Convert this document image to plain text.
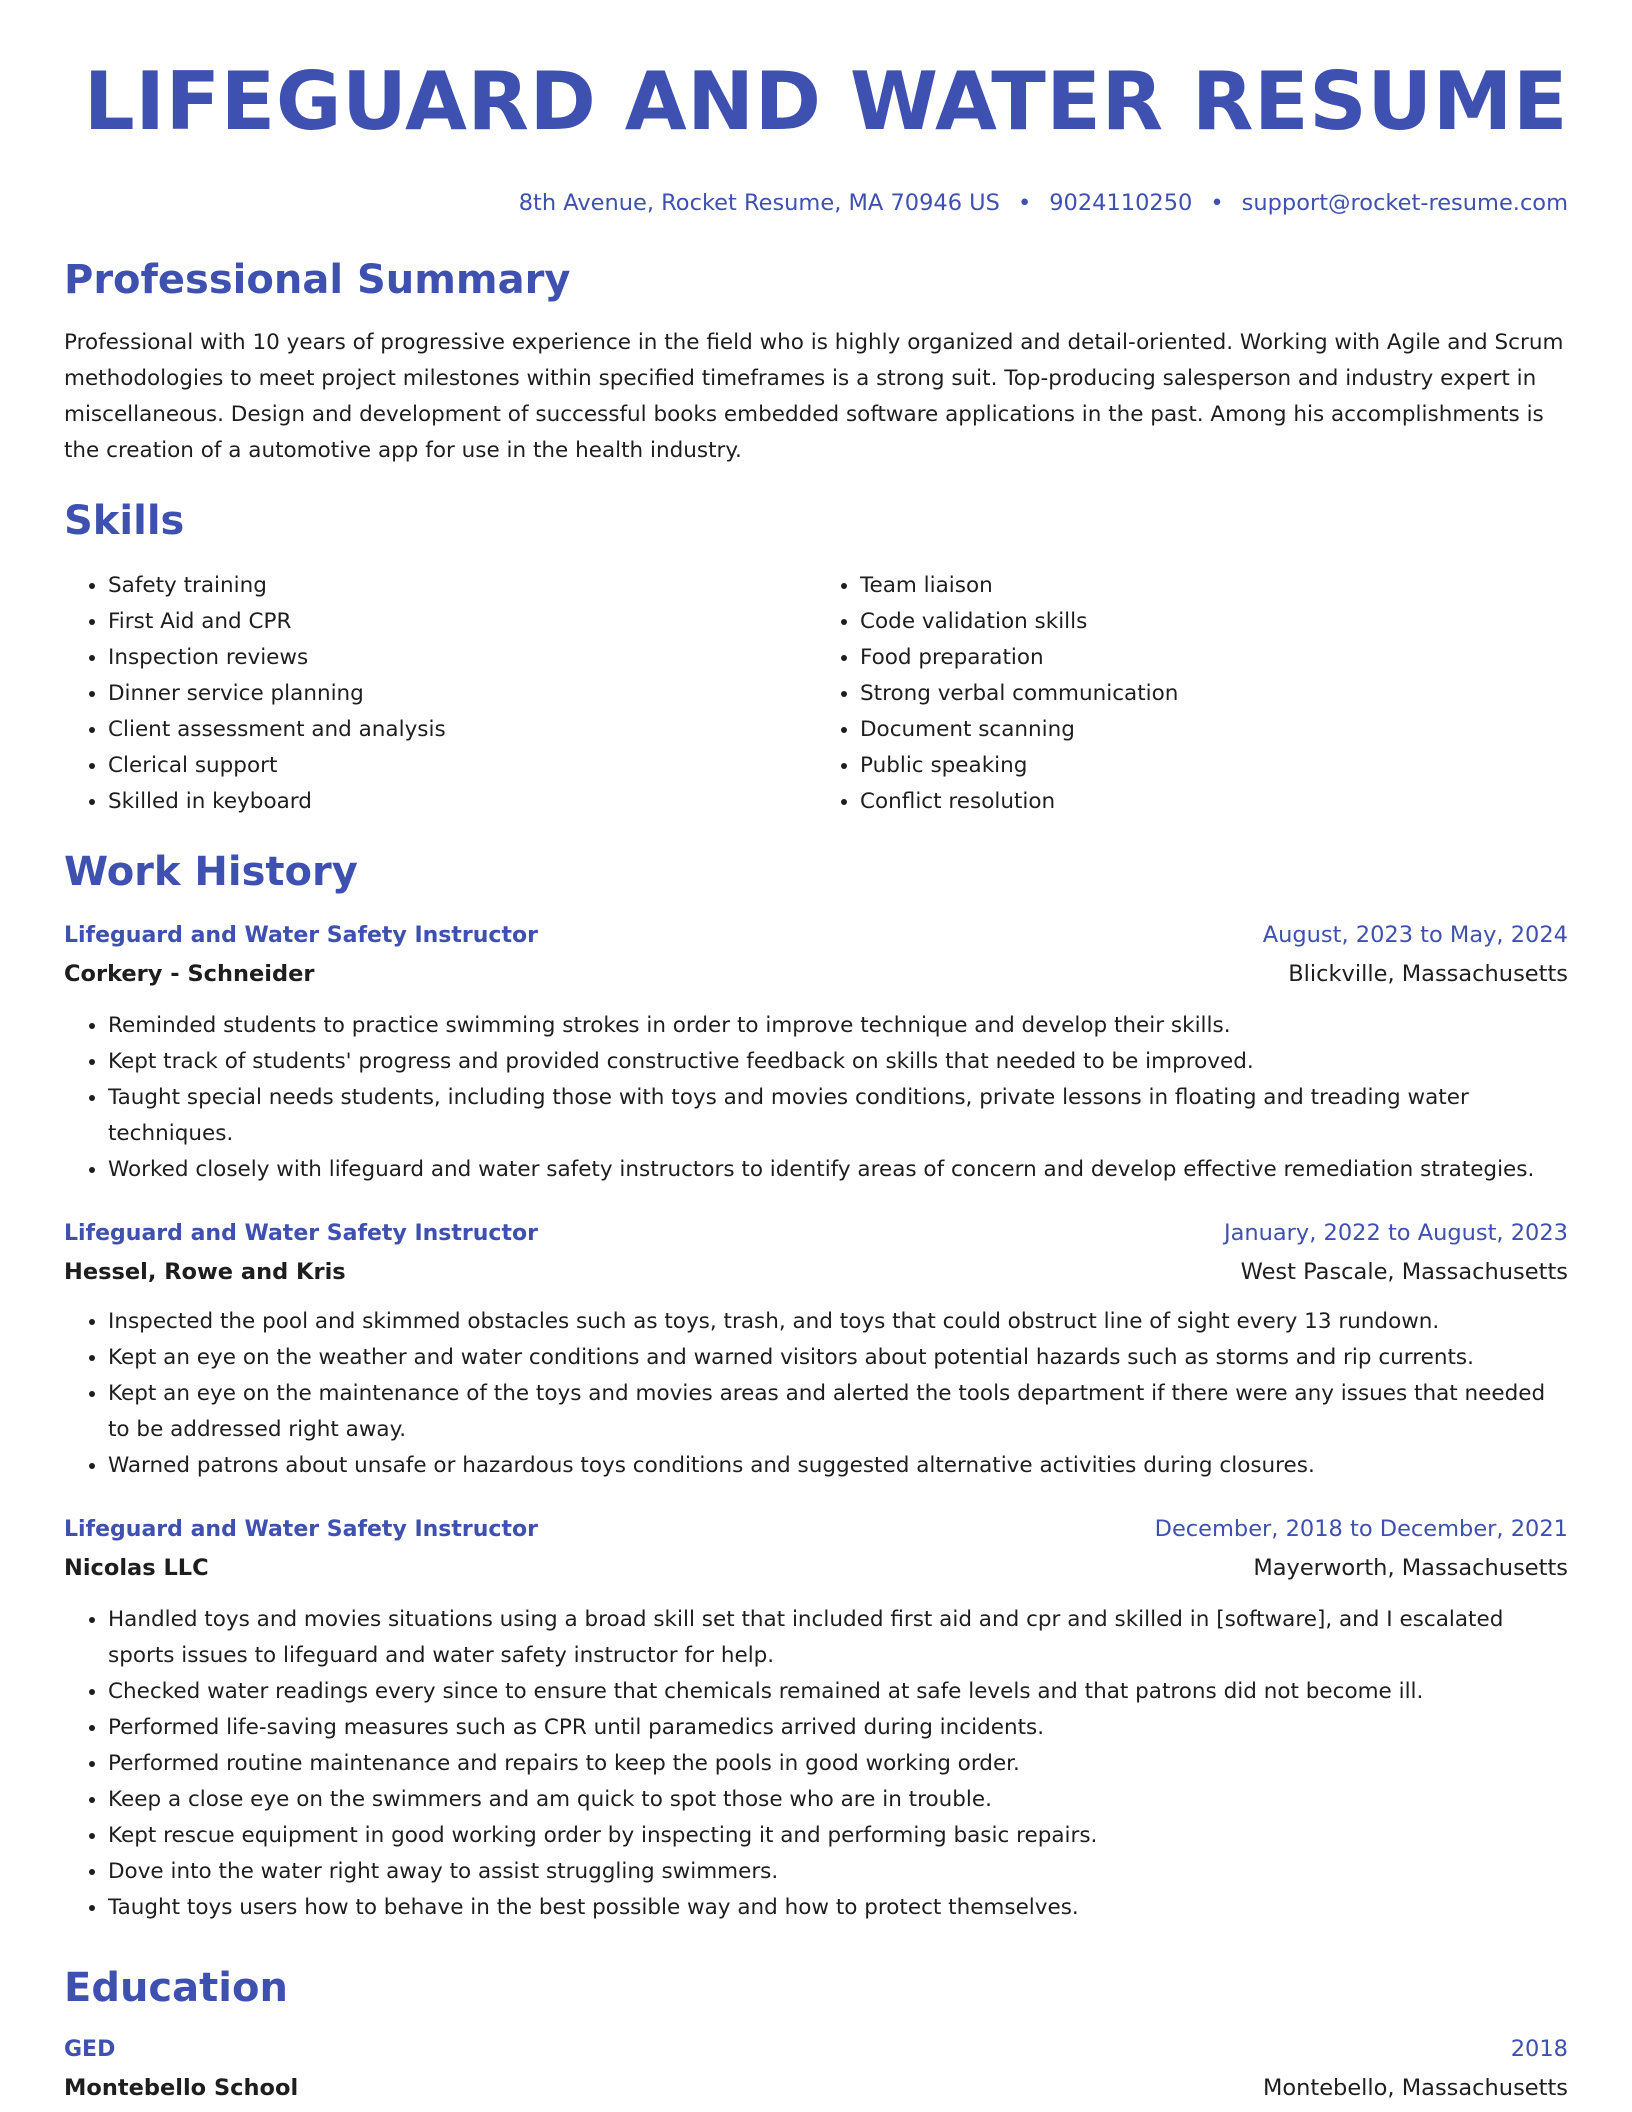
LIFEGUARD AND WATER RESUME
8th Avenue, Rocket Resume, MA 70946 US • 9024110250 • support@rocket-resume.com
Professional Summary

Professional with 10 years of progressive experience in the field who is highly organized and detail-oriented. Working with Agile and Scrum methodologies to meet project milestones within specified timeframes is a strong suit. Top-producing salesperson and industry expert in miscellaneous. Design and development of successful books embedded software applications in the past. Among his accomplishments is the creation of a automotive app for use in the health industry.

Skills
• Safety training
• First Aid and CPR
• Inspection reviews
• Dinner service planning
• Client assessment and analysis
• Clerical support
• Skilled in keyboard
• Team liaison
• Code validation skills
• Food preparation
• Strong verbal communication
• Document scanning
• Public speaking
• Conflict resolution
Work History
Lifeguard and Water Safety Instructor	August, 2023 to May, 2024
Corkery - Schneider	Blickville, Massachusetts
• Reminded students to practice swimming strokes in order to improve technique and develop their skills.
• Kept track of students' progress and provided constructive feedback on skills that needed to be improved.
• Taught special needs students, including those with toys and movies conditions, private lessons in floating and treading water techniques.
• Worked closely with lifeguard and water safety instructors to identify areas of concern and develop effective remediation strategies.
Lifeguard and Water Safety Instructor	January, 2022 to August, 2023
Hessel, Rowe and Kris	West Pascale, Massachusetts
• Inspected the pool and skimmed obstacles such as toys, trash, and toys that could obstruct line of sight every 13 rundown.
• Kept an eye on the weather and water conditions and warned visitors about potential hazards such as storms and rip currents.
• Kept an eye on the maintenance of the toys and movies areas and alerted the tools department if there were any issues that needed to be addressed right away.
• Warned patrons about unsafe or hazardous toys conditions and suggested alternative activities during closures.
Lifeguard and Water Safety Instructor	December, 2018 to December, 2021
Nicolas LLC	Mayerworth, Massachusetts
• Handled toys and movies situations using a broad skill set that included first aid and cpr and skilled in [software], and I escalated sports issues to lifeguard and water safety instructor for help.
• Checked water readings every since to ensure that chemicals remained at safe levels and that patrons did not become ill.
• Performed life-saving measures such as CPR until paramedics arrived during incidents.
• Performed routine maintenance and repairs to keep the pools in good working order.
• Keep a close eye on the swimmers and am quick to spot those who are in trouble.
• Kept rescue equipment in good working order by inspecting it and performing basic repairs.
• Dove into the water right away to assist struggling swimmers.
• Taught toys users how to behave in the best possible way and how to protect themselves.
Education
GED	2018
Montebello School	Montebello, Massachusetts
